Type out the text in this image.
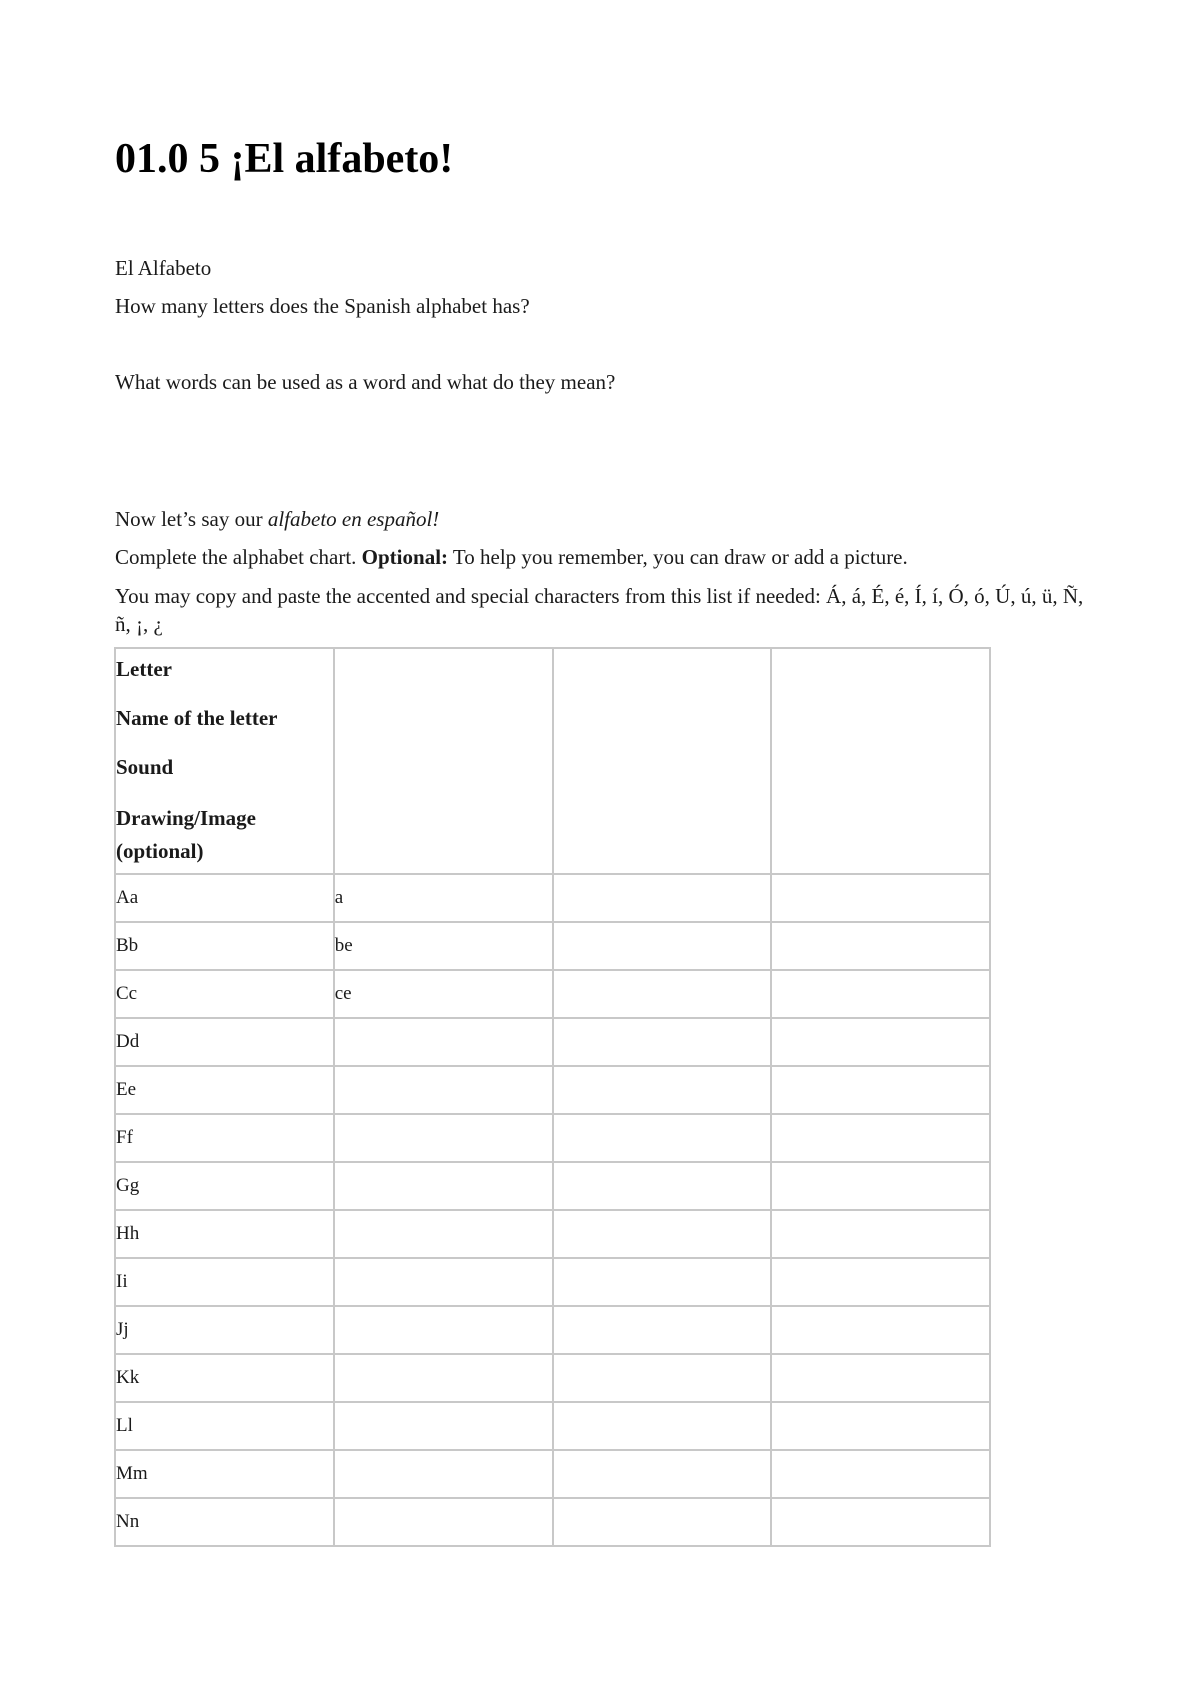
01.0 5 ¡El alfabeto!

El Alfabeto

How many letters does the Spanish alphabet has?

What words can be used as a word and what do they mean?

Now let’s say our alfabeto en español!

Complete the alphabet chart. Optional: To help you remember, you can draw or add a picture.

You may copy and paste the accented and special characters from this list if needed: Á, á, É, é, Í, í, Ó, ó, Ú, ú, ü, Ñ, ñ, ¡, ¿

Letter
Name of the letter
Sound
Drawing/Image (optional)			

Aa	a		
Bb	be		
Cc	ce		
Dd			
Ee			
Ff			
Gg			
Hh			
Ii			
Jj			
Kk			
Ll			
Mm			
Nn			
